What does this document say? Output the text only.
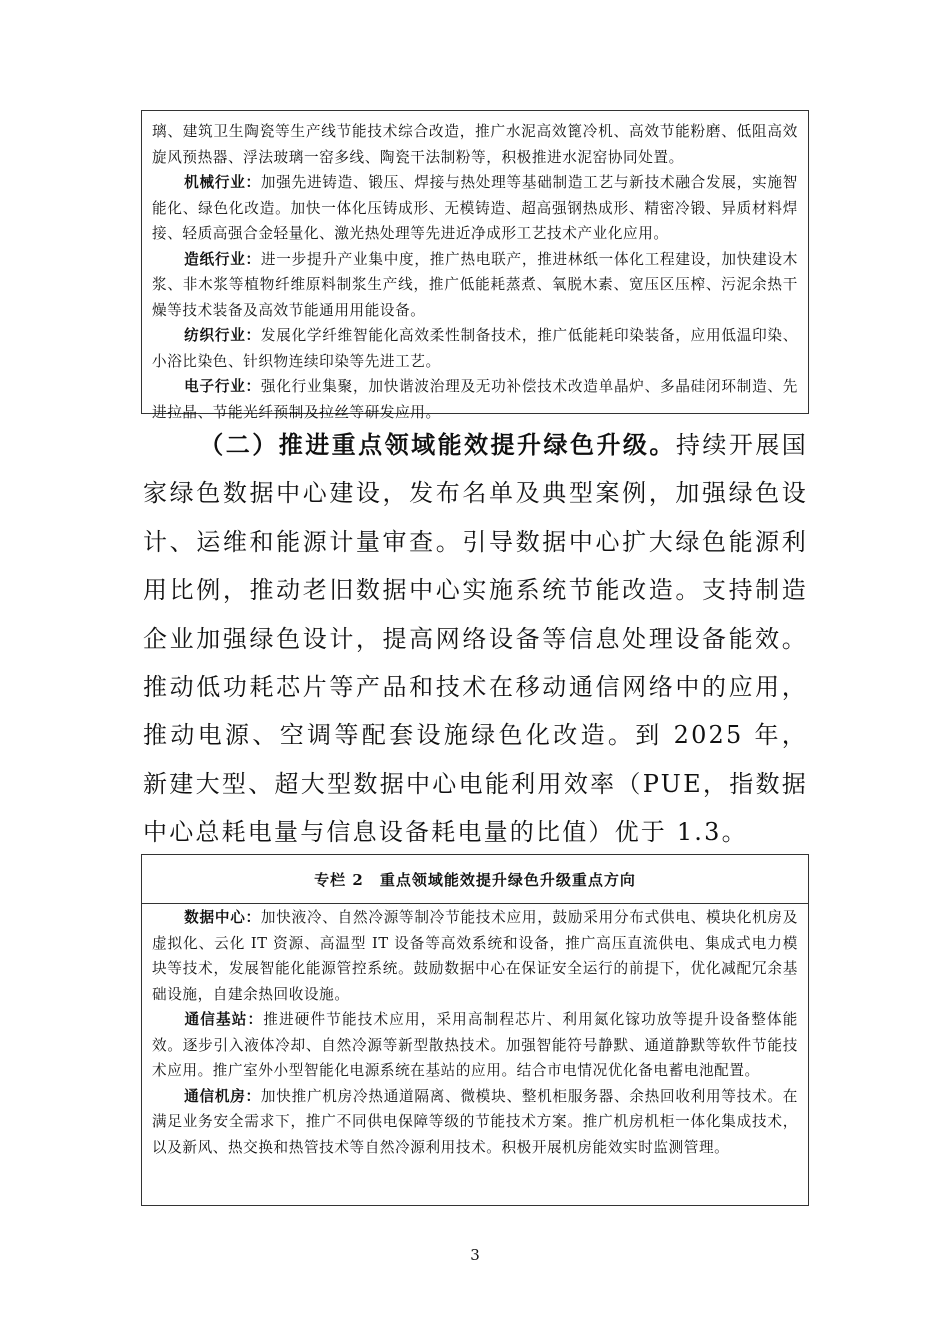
璃、建筑卫生陶瓷等生产线节能技术综合改造，推广水泥高效篦冷机、高效节能粉磨、低阻高效旋风预热器、浮法玻璃一窑多线、陶瓷干法制粉等，积极推进水泥窑协同处置。

机械行业：加强先进铸造、锻压、焊接与热处理等基础制造工艺与新技术融合发展，实施智能化、绿色化改造。加快一体化压铸成形、无模铸造、超高强钢热成形、精密冷锻、异质材料焊接、轻质高强合金轻量化、激光热处理等先进近净成形工艺技术产业化应用。

造纸行业：进一步提升产业集中度，推广热电联产，推进林纸一体化工程建设，加快建设木浆、非木浆等植物纤维原料制浆生产线，推广低能耗蒸煮、氧脱木素、宽压区压榨、污泥余热干燥等技术装备及高效节能通用用能设备。

纺织行业：发展化学纤维智能化高效柔性制备技术，推广低能耗印染装备，应用低温印染、小浴比染色、针织物连续印染等先进工艺。

电子行业：强化行业集聚，加快谐波治理及无功补偿技术改造单晶炉、多晶硅闭环制造、先进拉晶、节能光纤预制及拉丝等研发应用。

（二）推进重点领域能效提升绿色升级。持续开展国家绿色数据中心建设，发布名单及典型案例，加强绿色设计、运维和能源计量审查。引导数据中心扩大绿色能源利用比例，推动老旧数据中心实施系统节能改造。支持制造企业加强绿色设计，提高网络设备等信息处理设备能效。推动低功耗芯片等产品和技术在移动通信网络中的应用，推动电源、空调等配套设施绿色化改造。到 2025 年，新建大型、超大型数据中心电能利用效率（PUE，指数据中心总耗电量与信息设备耗电量的比值）优于 1.3。

专栏 2　重点领域能效提升绿色升级重点方向

数据中心：加快液冷、自然冷源等制冷节能技术应用，鼓励采用分布式供电、模块化机房及虚拟化、云化 IT 资源、高温型 IT 设备等高效系统和设备，推广高压直流供电、集成式电力模块等技术，发展智能化能源管控系统。鼓励数据中心在保证安全运行的前提下，优化减配冗余基础设施，自建余热回收设施。

通信基站：推进硬件节能技术应用，采用高制程芯片、利用氮化镓功放等提升设备整体能效。逐步引入液体冷却、自然冷源等新型散热技术。加强智能符号静默、通道静默等软件节能技术应用。推广室外小型智能化电源系统在基站的应用。结合市电情况优化备电蓄电池配置。

通信机房：加快推广机房冷热通道隔离、微模块、整机柜服务器、余热回收利用等技术。在满足业务安全需求下，推广不同供电保障等级的节能技术方案。推广机房机柜一体化集成技术，以及新风、热交换和热管技术等自然冷源利用技术。积极开展机房能效实时监测管理。

3
